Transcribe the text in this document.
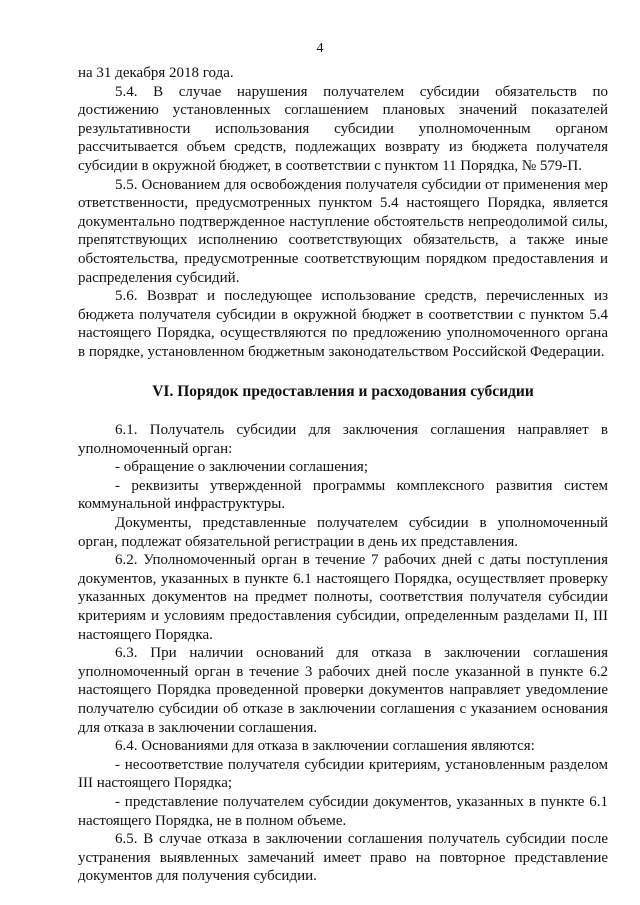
4

на 31 декабря 2018 года.

5.4. В случае нарушения получателем субсидии обязательств по достижению установленных соглашением плановых значений показателей результативности использования субсидии уполномоченным органом рассчитывается объем средств, подлежащих возврату из бюджета получателя субсидии в окружной бюджет, в соответствии с пунктом 11 Порядка, № 579-П.

5.5. Основанием для освобождения получателя субсидии от применения мер ответственности, предусмотренных пунктом 5.4 настоящего Порядка, является документально подтвержденное наступление обстоятельств непреодолимой силы, препятствующих исполнению соответствующих обязательств, а также иные обстоятельства, предусмотренные соответствующим порядком предоставления и распределения субсидий.

5.6. Возврат и последующее использование средств, перечисленных из бюджета получателя субсидии в окружной бюджет в соответствии с пунктом 5.4 настоящего Порядка, осуществляются по предложению уполномоченного органа в порядке, установленном бюджетным законодательством Российской Федерации.

VI. Порядок предоставления и расходования субсидии

6.1. Получатель субсидии для заключения соглашения направляет в уполномоченный орган:

- обращение о заключении соглашения;

- реквизиты утвержденной программы комплексного развития систем коммунальной инфраструктуры.

Документы, представленные получателем субсидии в уполномоченный орган, подлежат обязательной регистрации в день их представления.

6.2. Уполномоченный орган в течение 7 рабочих дней с даты поступления документов, указанных в пункте 6.1 настоящего Порядка, осуществляет проверку указанных документов на предмет полноты, соответствия получателя субсидии критериям и условиям предоставления субсидии, определенным разделами II, III настоящего Порядка.

6.3. При наличии оснований для отказа в заключении соглашения уполномоченный орган в течение 3 рабочих дней после указанной в пункте 6.2 настоящего Порядка проведенной проверки документов направляет уведомление получателю субсидии об отказе в заключении соглашения с указанием основания для отказа в заключении соглашения.

6.4. Основаниями для отказа в заключении соглашения являются:

- несоответствие получателя субсидии критериям, установленным разделом III настоящего Порядка;

- представление получателем субсидии документов, указанных в пункте 6.1 настоящего Порядка, не в полном объеме.

6.5. В случае отказа в заключении соглашения получатель субсидии после устранения выявленных замечаний имеет право на повторное представление документов для получения субсидии.
